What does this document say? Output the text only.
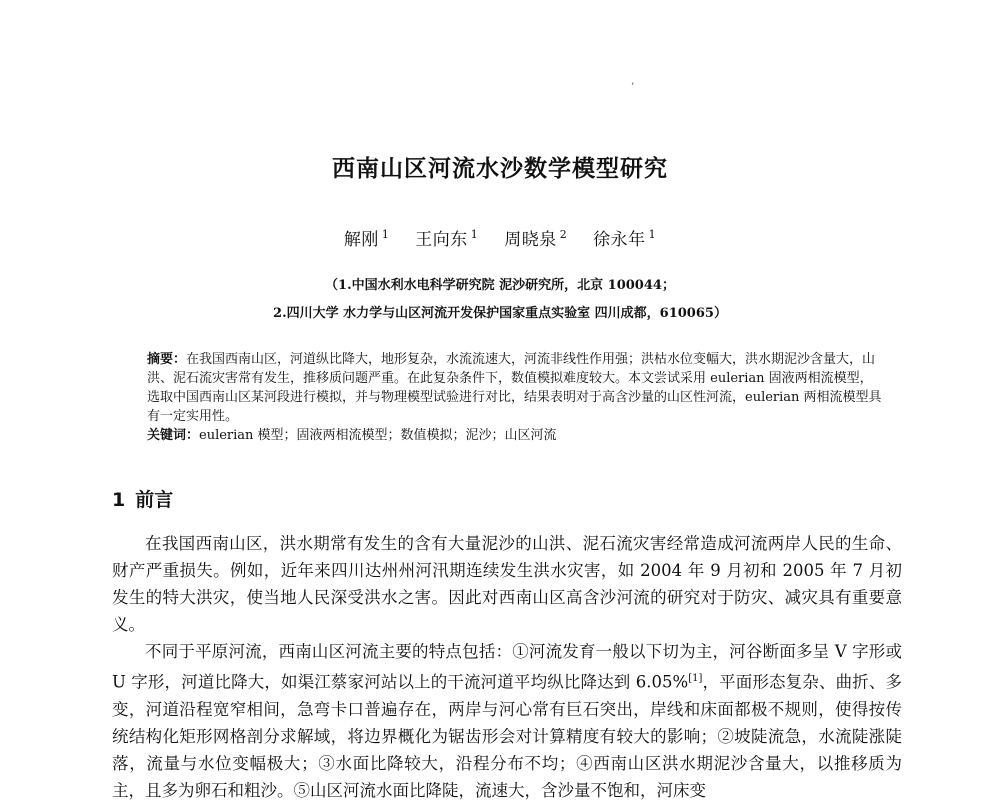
’
西南山区河流水沙数学模型研究
解刚 $^1$ 王向东 $^1$ 周晓泉 $^2$ 徐永年 $^1$
（1.中国水利水电科学研究院 泥沙研究所，北京 100044；
2.四川大学 水力学与山区河流开发保护国家重点实验室 四川成都，610065）
摘要：在我国西南山区，河道纵比降大，地形复杂，水流流速大，河流非线性作用强；洪枯水位变幅大，洪水期泥沙含量大，山洪、泥石流灾害常有发生，推移质问题严重。在此复杂条件下，数值模拟难度较大。本文尝试采用 eulerian 固液两相流模型，选取中国西南山区某河段进行模拟，并与物理模型试验进行对比，结果表明对于高含沙量的山区性河流，eulerian 两相流模型具有一定实用性。
关键词：eulerian 模型；固液两相流模型；数值模拟；泥沙；山区河流
1 前言

在我国西南山区，洪水期常有发生的含有大量泥沙的山洪、泥石流灾害经常造成河流两岸人民的生命、财产严重损失。例如，近年来四川达州州河汛期连续发生洪水灾害，如 2004 年 9 月初和 2005 年 7 月初发生的特大洪灾，使当地人民深受洪水之害。因此对西南山区高含沙河流的研究对于防灾、减灾具有重要意义。

不同于平原河流，西南山区河流主要的特点包括：①河流发育一般以下切为主，河谷断面多呈 V 字形或 U 字形，河道比降大，如渠江蔡家河站以上的干流河道平均纵比降达到 6.05%[1]，平面形态复杂、曲折、多变，河道沿程宽窄相间，急弯卡口普遍存在，两岸与河心常有巨石突出，岸线和床面都极不规则，使得按传统结构化矩形网格剖分求解域，将边界概化为锯齿形会对计算精度有较大的影响；②坡陡流急，水流陡涨陡落，流量与水位变幅极大；③水面比降较大，沿程分布不均；④西南山区洪水期泥沙含量大，以推移质为主，且多为卵石和粗沙。⑤山区河流水面比降陡，流速大，含沙量不饱和，河床变
